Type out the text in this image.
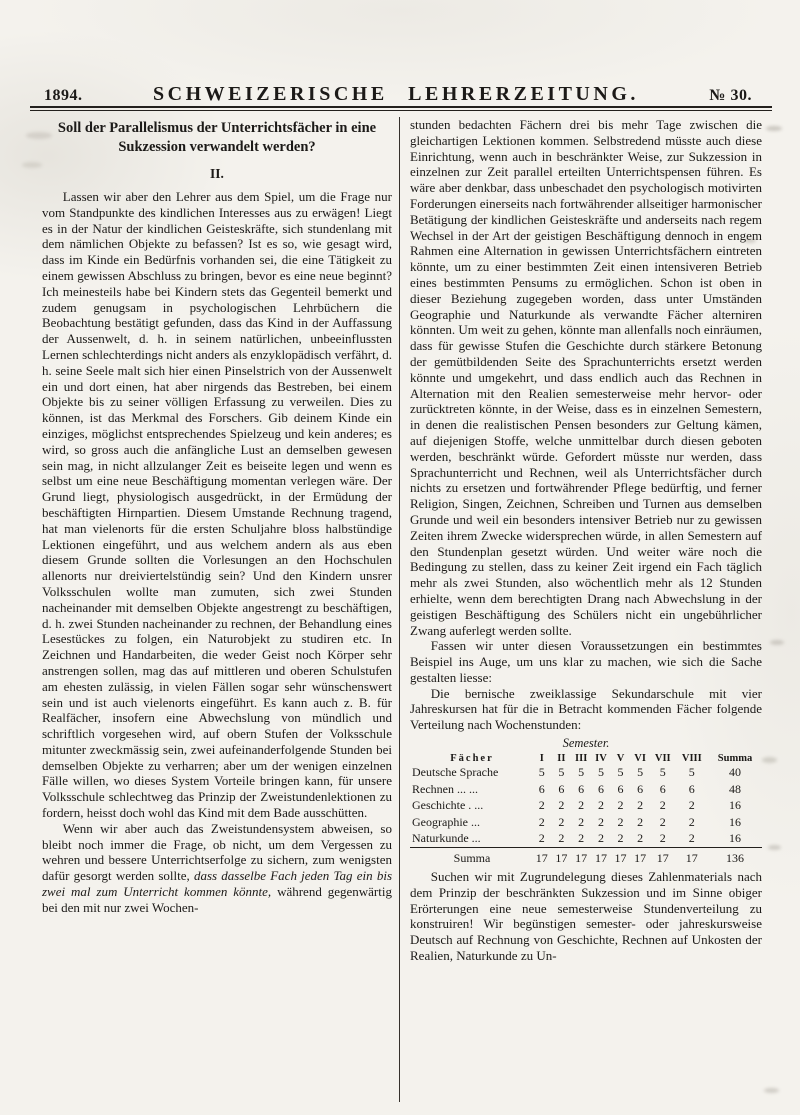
1894.	SCHWEIZERISCHE LEHRERZEITUNG.	№ 30.
Soll der Parallelismus der Unterrichtsfächer in eine
Sukzession verwandelt werden?
II.

Lassen wir aber den Lehrer aus dem Spiel, um die Frage nur vom Standpunkte des kindlichen Interesses aus zu erwägen! Liegt es in der Natur der kindlichen Geisteskräfte, sich stundenlang mit dem nämlichen Objekte zu befassen? Ist es so, wie gesagt wird, dass im Kinde ein Bedürfnis vorhanden sei, die eine Tätigkeit zu einem gewissen Abschluss zu bringen, bevor es eine neue beginnt? Ich meinesteils habe bei Kindern stets das Gegenteil bemerkt und zudem genugsam in psychologischen Lehrbüchern die Beobachtung bestätigt gefunden, dass das Kind in der Auffassung der Aussenwelt, d. h. in seinem natürlichen, unbeeinflussten Lernen schlechterdings nicht anders als enzyklopädisch verfährt, d. h. seine Seele malt sich hier einen Pinselstrich von der Aussenwelt ein und dort einen, hat aber nirgends das Bestreben, bei einem Objekte bis zu seiner völligen Erfassung zu verweilen. Dies zu können, ist das Merkmal des Forschers. Gib deinem Kinde ein einziges, möglichst entsprechendes Spielzeug und kein anderes; es wird, so gross auch die anfängliche Lust an demselben gewesen sein mag, in nicht allzulanger Zeit es beiseite legen und wenn es selbst um eine neue Beschäftigung momentan verlegen wäre. Der Grund liegt, physiologisch ausgedrückt, in der Ermüdung der beschäftigten Hirnpartien. Diesem Umstande Rechnung tragend, hat man vielenorts für die ersten Schuljahre bloss halbstündige Lektionen eingeführt, und aus welchem andern als aus eben diesem Grunde sollten die Vorlesungen an den Hochschulen allenorts nur dreiviertelstündig sein? Und den Kindern unsrer Volksschulen wollte man zumuten, sich zwei Stunden nacheinander mit demselben Objekte angestrengt zu beschäftigen, d. h. zwei Stunden nacheinander zu rechnen, der Behandlung eines Lesestückes zu folgen, ein Naturobjekt zu studiren etc. In Zeichnen und Handarbeiten, die weder Geist noch Körper sehr anstrengen sollen, mag das auf mittleren und oberen Schulstufen am ehesten zulässig, in vielen Fällen sogar sehr wünschenswert sein und ist auch vielenorts eingeführt. Es kann auch z. B. für Realfächer, insofern eine Abwechslung von mündlich und schriftlich vorgesehen wird, auf obern Stufen der Volksschule mitunter zweckmässig sein, zwei aufeinanderfolgende Stunden bei demselben Objekte zu verharren; aber um der wenigen einzelnen Fälle willen, wo dieses System Vorteile bringen kann, für unsere Volksschule schlechtweg das Prinzip der Zweistundenlektionen zu fordern, heisst doch wohl das Kind mit dem Bade ausschütten.

Wenn wir aber auch das Zweistundensystem abweisen, so bleibt noch immer die Frage, ob nicht, um dem Vergessen zu wehren und bessere Unterrichtserfolge zu sichern, zum wenigsten dafür gesorgt werden sollte, dass dasselbe Fach jeden Tag ein bis zwei mal zum Unterricht kommen könnte, während gegenwärtig bei den mit nur zwei Wochen-

stunden bedachten Fächern drei bis mehr Tage zwischen die gleichartigen Lektionen kommen. Selbstredend müsste auch diese Einrichtung, wenn auch in beschränkter Weise, zur Sukzession in einzelnen zur Zeit parallel erteilten Unterrichtspensen führen. Es wäre aber denkbar, dass unbeschadet den psychologisch motivirten Forderungen einerseits nach fortwährender allseitiger harmonischer Betätigung der kindlichen Geisteskräfte und anderseits nach regem Wechsel in der Art der geistigen Beschäftigung dennoch in engem Rahmen eine Alternation in gewissen Unterrichtsfächern eintreten könnte, um zu einer bestimmten Zeit einen intensiveren Betrieb eines bestimmten Pensums zu ermöglichen. Schon ist oben in dieser Beziehung zugegeben worden, dass unter Umständen Geographie und Naturkunde als verwandte Fächer alterniren könnten. Um weit zu gehen, könnte man allenfalls noch einräumen, dass für gewisse Stufen die Geschichte durch stärkere Betonung der gemütbildenden Seite des Sprachunterrichts ersetzt werden könnte und umgekehrt, und dass endlich auch das Rechnen in Alternation mit den Realien semesterweise mehr hervor- oder zurücktreten könnte, in der Weise, dass es in einzelnen Semestern, in denen die realistischen Pensen besonders zur Geltung kämen, auf diejenigen Stoffe, welche unmittelbar durch diesen geboten werden, beschränkt würde. Gefordert müsste nur werden, dass Sprachunterricht und Rechnen, weil als Unterrichtsfächer durch nichts zu ersetzen und fortwährender Pflege bedürftig, und ferner Religion, Singen, Zeichnen, Schreiben und Turnen aus demselben Grunde und weil ein besonders intensiver Betrieb nur zu gewissen Zeiten ihrem Zwecke widersprechen würde, in allen Semestern auf den Stundenplan gesetzt würden. Und weiter wäre noch die Bedingung zu stellen, dass zu keiner Zeit irgend ein Fach täglich mehr als zwei Stunden, also wöchentlich mehr als 12 Stunden erhielte, wenn dem berechtigten Drang nach Abwechslung in der geistigen Beschäftigung des Schülers nicht ein ungebührlicher Zwang auferlegt werden sollte.

Fassen wir unter diesen Voraussetzungen ein bestimmtes Beispiel ins Auge, um uns klar zu machen, wie sich die Sache gestalten liesse:

Die bernische zweiklassige Sekundarschule mit vier Jahreskursen hat für die in Betracht kommenden Fächer folgende Verteilung nach Wochenstunden:

Semester.
Fächer	I	II	III	IV	V	VI	VII	VIII	Summa
Deutsche Sprache	5	5	5	5	5	5	5	5	40
Rechnen ... ...	6	6	6	6	6	6	6	6	48
Geschichte . ...	2	2	2	2	2	2	2	2	16
Geographie ...	2	2	2	2	2	2	2	2	16
Naturkunde ...	2	2	2	2	2	2	2	2	16
Summa	17	17	17	17	17	17	17	17	136

Suchen wir mit Zugrundelegung dieses Zahlenmaterials nach dem Prinzip der beschränkten Sukzession und im Sinne obiger Erörterungen eine neue semesterweise Stundenverteilung zu konstruiren! Wir begünstigen semester- oder jahreskursweise Deutsch auf Rechnung von Geschichte, Rechnen auf Unkosten der Realien, Naturkunde zu Un-
